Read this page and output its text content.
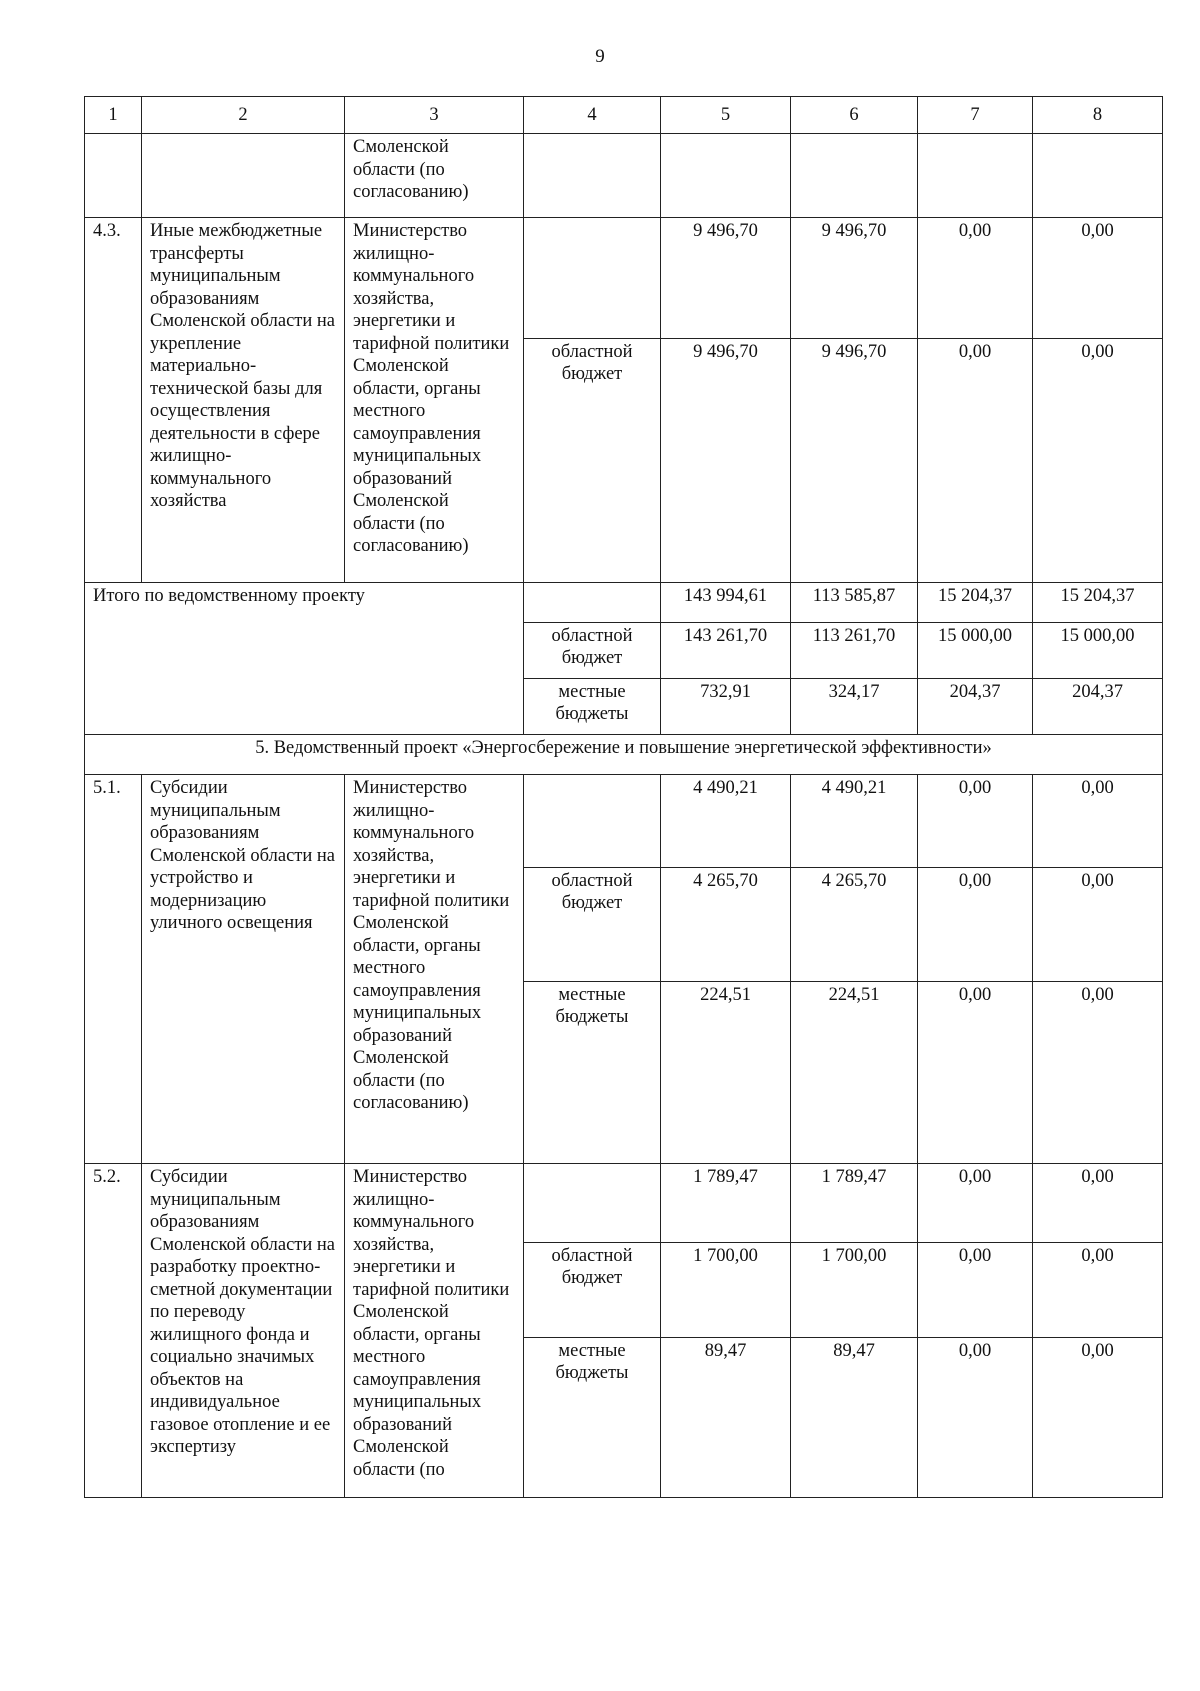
9
1	2	3	4	5	6	7	8
		Смоленской области (по согласованию)					
4.3.	Иные межбюджетные трансферты муниципальным образованиям Смоленской области на укрепление материально-технической базы для осуществления деятельности в сфере жилищно-коммунального хозяйства	Министерство жилищно-коммунального хозяйства, энергетики и тарифной политики Смоленской области, органы местного самоуправления муниципальных образований Смоленской области (по согласованию)		9 496,70	9 496,70	0,00	0,00
			областной бюджет	9 496,70	9 496,70	0,00	0,00
Итого по ведомственному проекту				143 994,61	113 585,87	15 204,37	15 204,37
			областной бюджет	143 261,70	113 261,70	15 000,00	15 000,00
			местные бюджеты	732,91	324,17	204,37	204,37
5. Ведомственный проект «Энергосбережение и повышение энергетической эффективности»							
5.1.	Субсидии муниципальным образованиям Смоленской области на устройство и модернизацию уличного освещения	Министерство жилищно-коммунального хозяйства, энергетики и тарифной политики Смоленской области, органы местного самоуправления муниципальных образований Смоленской области (по согласованию)		4 490,21	4 490,21	0,00	0,00
			областной бюджет	4 265,70	4 265,70	0,00	0,00
			местные бюджеты	224,51	224,51	0,00	0,00
5.2.	Субсидии муниципальным образованиям Смоленской области на разработку проектно-сметной документации по переводу жилищного фонда и социально значимых объектов на индивидуальное газовое отопление и ее экспертизу	Министерство жилищно-коммунального хозяйства, энергетики и тарифной политики Смоленской области, органы местного самоуправления муниципальных образований Смоленской области (по		1 789,47	1 789,47	0,00	0,00
			областной бюджет	1 700,00	1 700,00	0,00	0,00
			местные бюджеты	89,47	89,47	0,00	0,00
